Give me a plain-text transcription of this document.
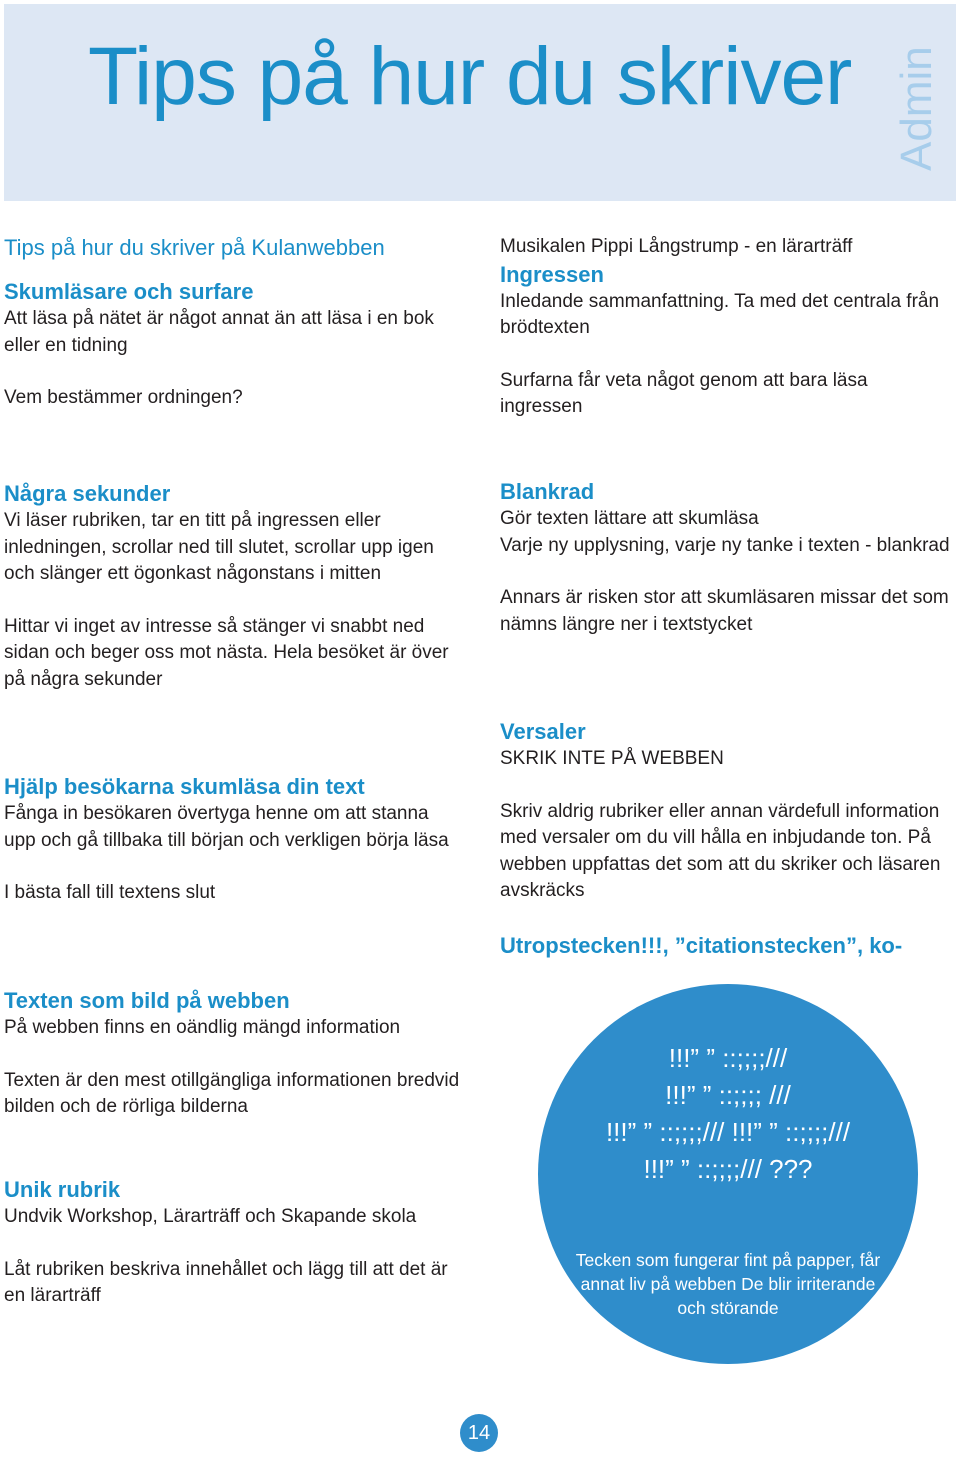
Tips på hur du skriver Admin

Tips på hur du skriver på Kulanwebben

Skumläsare och surfare

Att läsa på nätet är något annat än att läsa i en bok eller en tidning

Vem bestämmer ordningen?

Några sekunder

Vi läser rubriken, tar en titt på ingressen eller inledningen, scrollar ned till slutet, scrollar upp igen och slänger ett ögonkast någonstans i mitten

Hittar vi inget av intresse så stänger vi snabbt ned sidan och beger oss mot nästa. Hela besöket är över på några sekunder

Hjälp besökarna skumläsa din text

Fånga in besökaren övertyga henne om att stanna upp och gå tillbaka till början och verkligen börja läsa

I bästa fall till textens slut

Texten som bild på webben

På webben finns en oändlig mängd information

Texten är den mest otillgängliga informationen bredvid bilden och de rörliga bilderna

Unik rubrik

Undvik Workshop, Lärarträff och Skapande skola

Låt rubriken beskriva innehållet och lägg till att det är en lärarträff

Musikalen Pippi Långstrump - en lärarträff

Ingressen

Inledande sammanfattning. Ta med det centrala från brödtexten

Surfarna får veta något genom att bara läsa ingressen

Blankrad

Gör texten lättare att skumläsa

Varje ny upplysning, varje ny tanke i texten - blankrad

Annars är risken stor att skumläsaren missar det som nämns längre ner i textstycket

Versaler

SKRIK INTE PÅ WEBBEN

Skriv aldrig rubriker eller annan värdefull information med versaler om du vill hålla en inbjudande ton. På webben uppfattas det som att du skriker och läsaren avskräcks

Utropstecken!!!, ”citationstecken”, ko-
!!!” ” ::;;;;///
!!!” ” ::;;;; ///
!!!” ” ::;;;;/// !!!” ” ::;;;;///
!!!” ” ::;;;;/// ???

Tecken som fungerar fint på papper, får annat liv på webben De blir irriterande och störande

14
